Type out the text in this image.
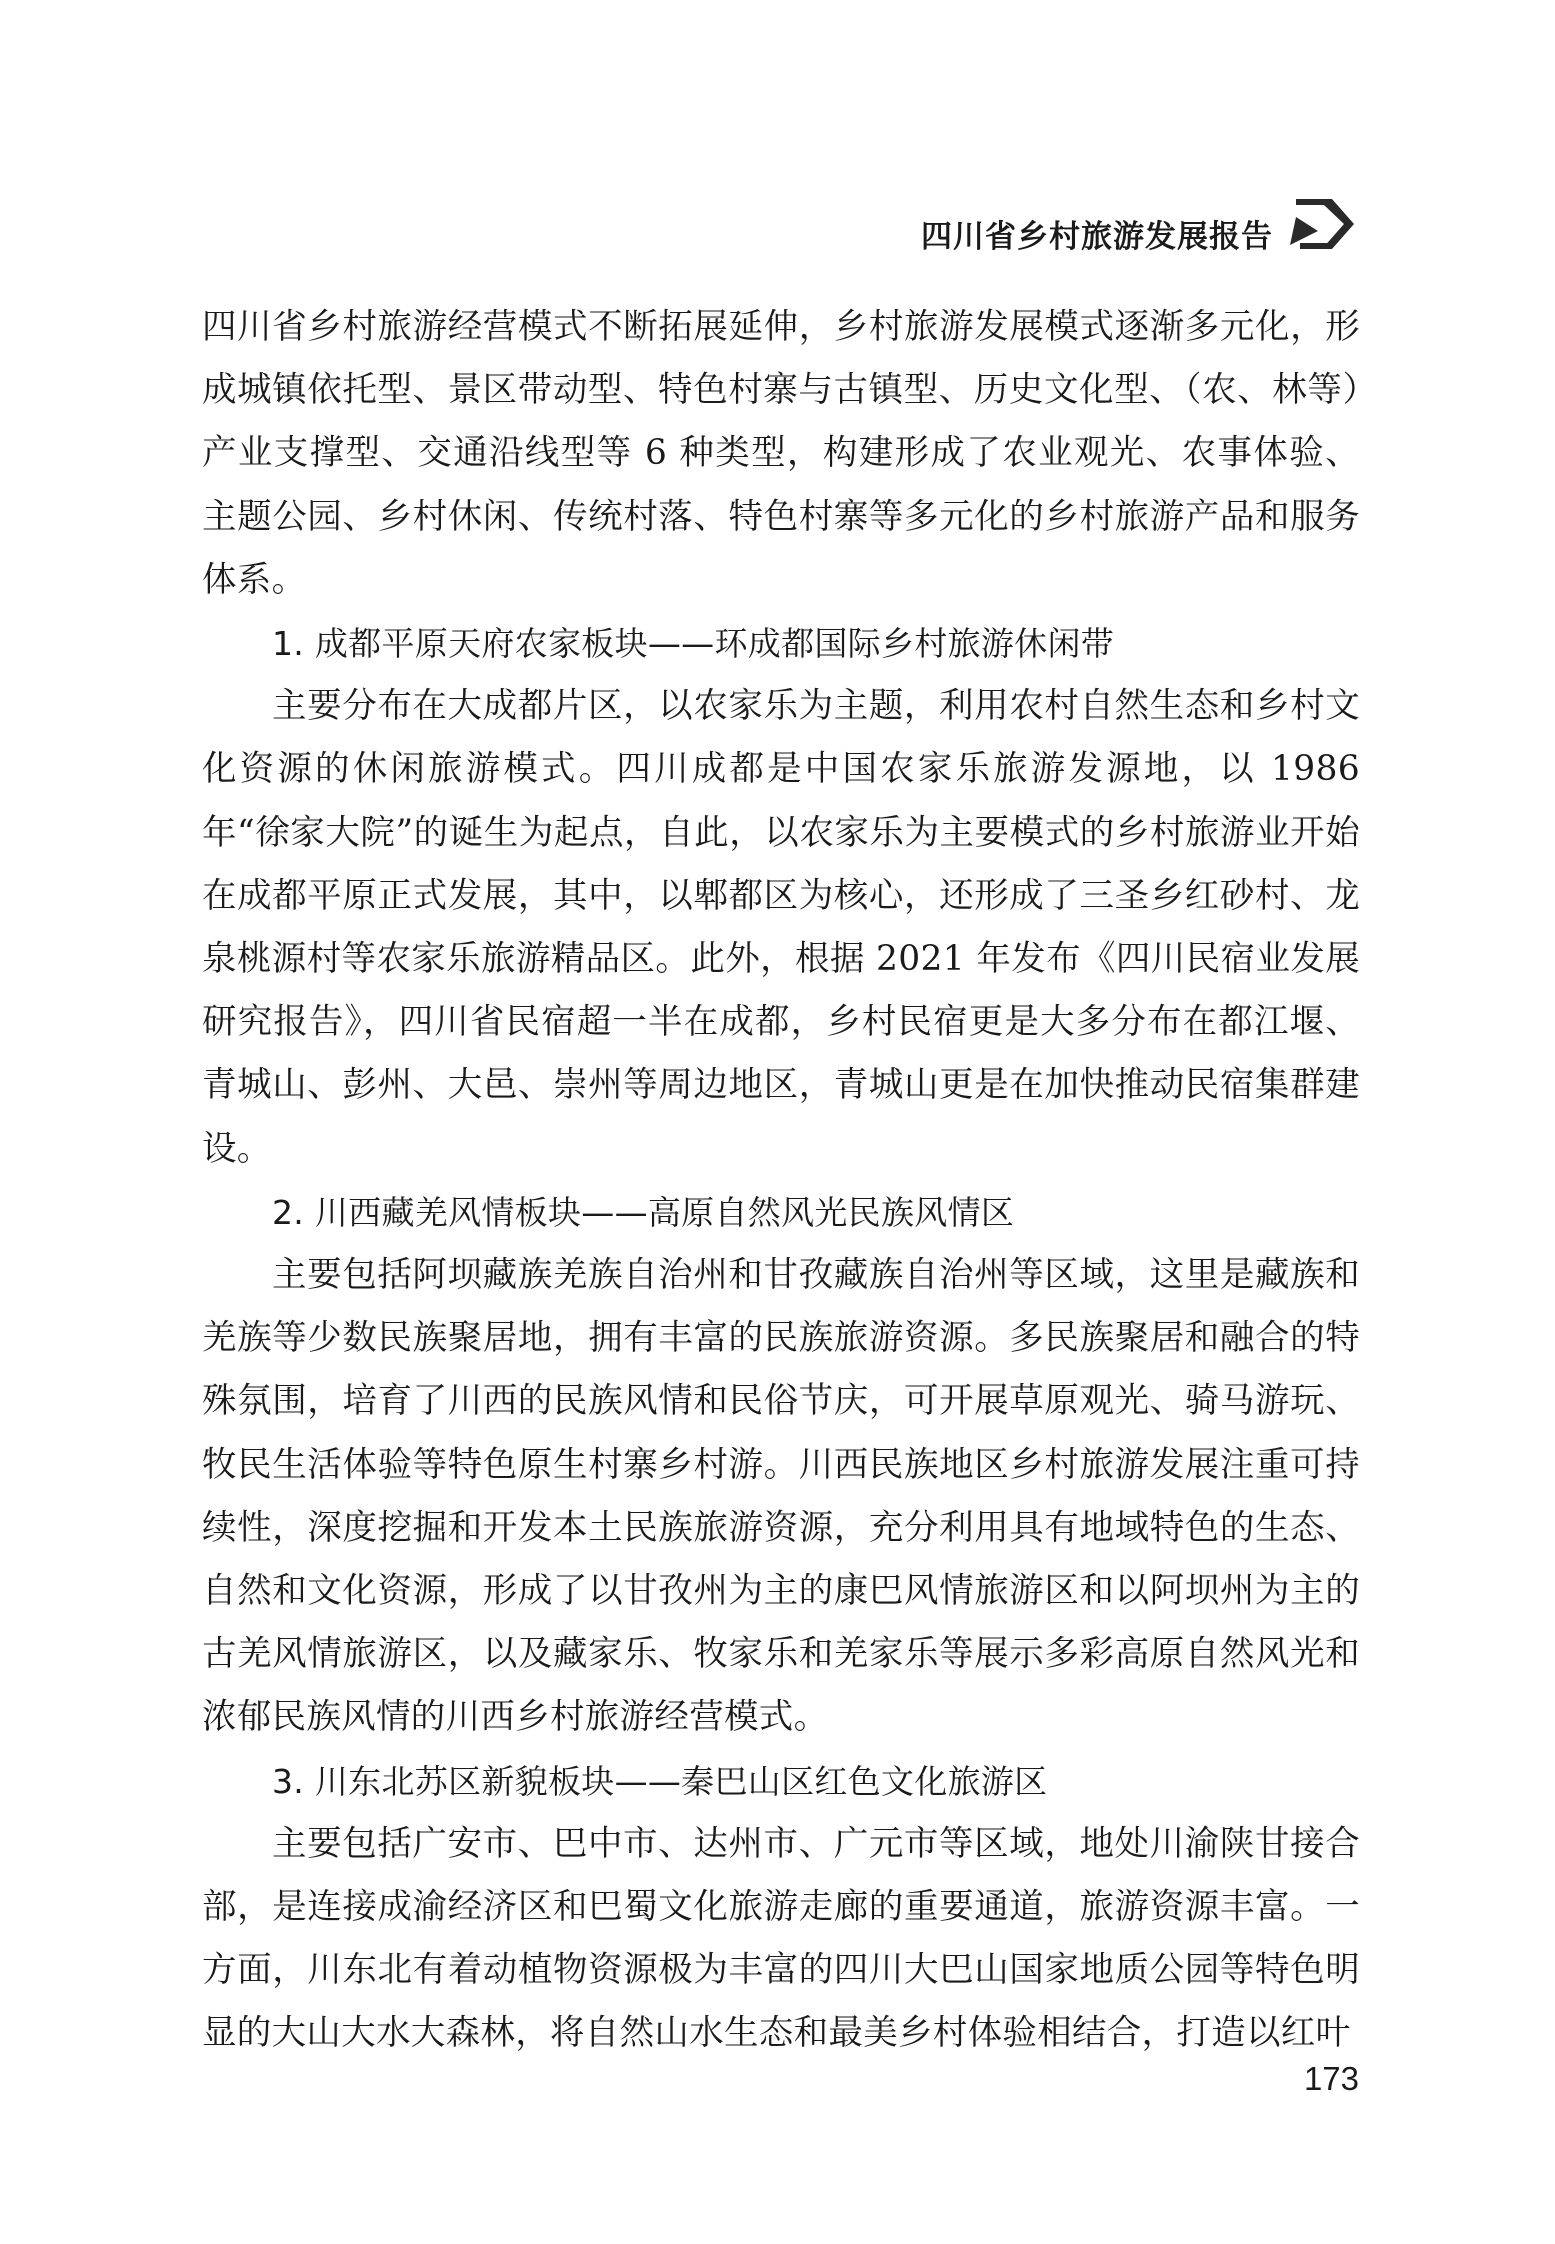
四川省乡村旅游发展报告

四川省乡村旅游经营模式不断拓展延伸，乡村旅游发展模式逐渐多元化，形成城镇依托型、景区带动型、特色村寨与古镇型、历史文化型、（农、林等）产业支撑型、交通沿线型等 6 种类型，构建形成了农业观光、农事体验、主题公园、乡村休闲、传统村落、特色村寨等多元化的乡村旅游产品和服务体系。

1. 成都平原天府农家板块——环成都国际乡村旅游休闲带

主要分布在大成都片区，以农家乐为主题，利用农村自然生态和乡村文化资源的休闲旅游模式。四川成都是中国农家乐旅游发源地，以 1986 年“徐家大院”的诞生为起点，自此，以农家乐为主要模式的乡村旅游业开始在成都平原正式发展，其中，以郫都区为核心，还形成了三圣乡红砂村、龙泉桃源村等农家乐旅游精品区。此外，根据 2021 年发布《四川民宿业发展研究报告》，四川省民宿超一半在成都，乡村民宿更是大多分布在都江堰、青城山、彭州、大邑、崇州等周边地区，青城山更是在加快推动民宿集群建设。

2. 川西藏羌风情板块——高原自然风光民族风情区

主要包括阿坝藏族羌族自治州和甘孜藏族自治州等区域，这里是藏族和羌族等少数民族聚居地，拥有丰富的民族旅游资源。多民族聚居和融合的特殊氛围，培育了川西的民族风情和民俗节庆，可开展草原观光、骑马游玩、牧民生活体验等特色原生村寨乡村游。川西民族地区乡村旅游发展注重可持续性，深度挖掘和开发本土民族旅游资源，充分利用具有地域特色的生态、自然和文化资源，形成了以甘孜州为主的康巴风情旅游区和以阿坝州为主的古羌风情旅游区，以及藏家乐、牧家乐和羌家乐等展示多彩高原自然风光和浓郁民族风情的川西乡村旅游经营模式。

3. 川东北苏区新貌板块——秦巴山区红色文化旅游区

主要包括广安市、巴中市、达州市、广元市等区域，地处川渝陕甘接合部，是连接成渝经济区和巴蜀文化旅游走廊的重要通道，旅游资源丰富。一方面，川东北有着动植物资源极为丰富的四川大巴山国家地质公园等特色明显的大山大水大森林，将自然山水生态和最美乡村体验相结合，打造以红叶

173
